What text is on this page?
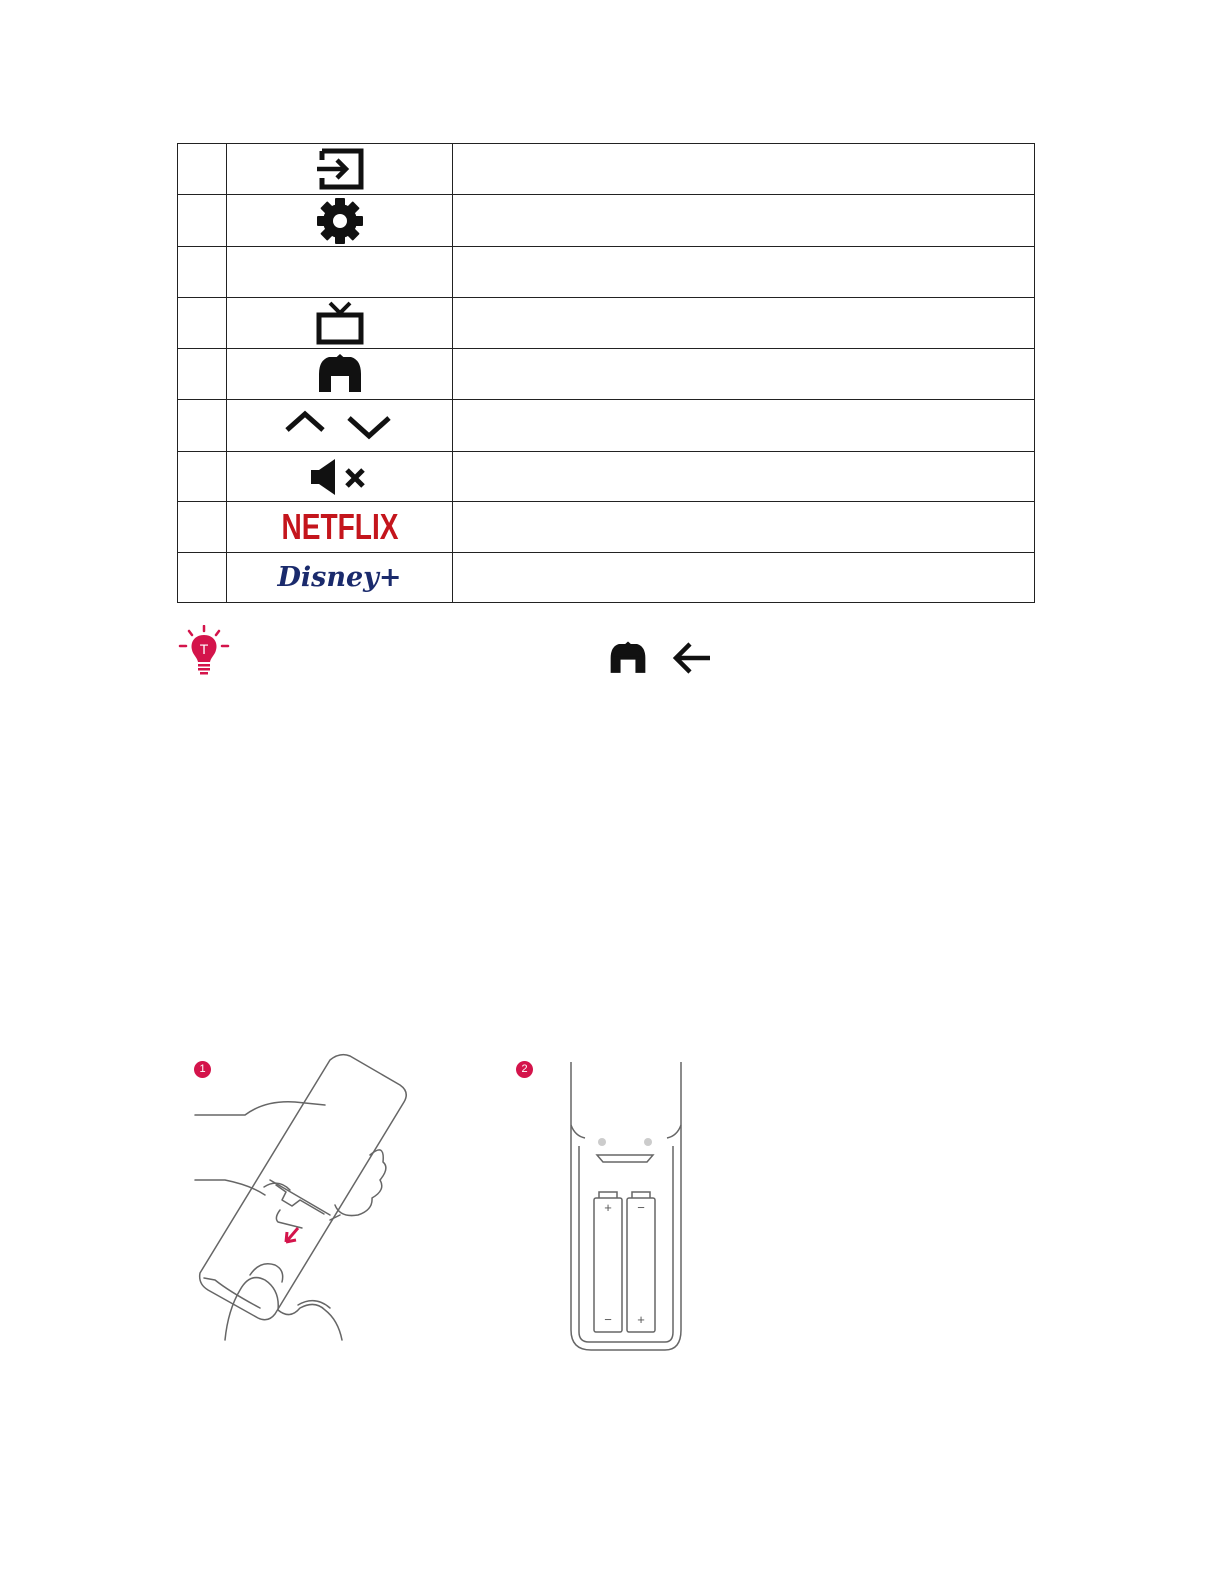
	NETFLIX	
	Disney+	
T
1	2
+
−
−
+
